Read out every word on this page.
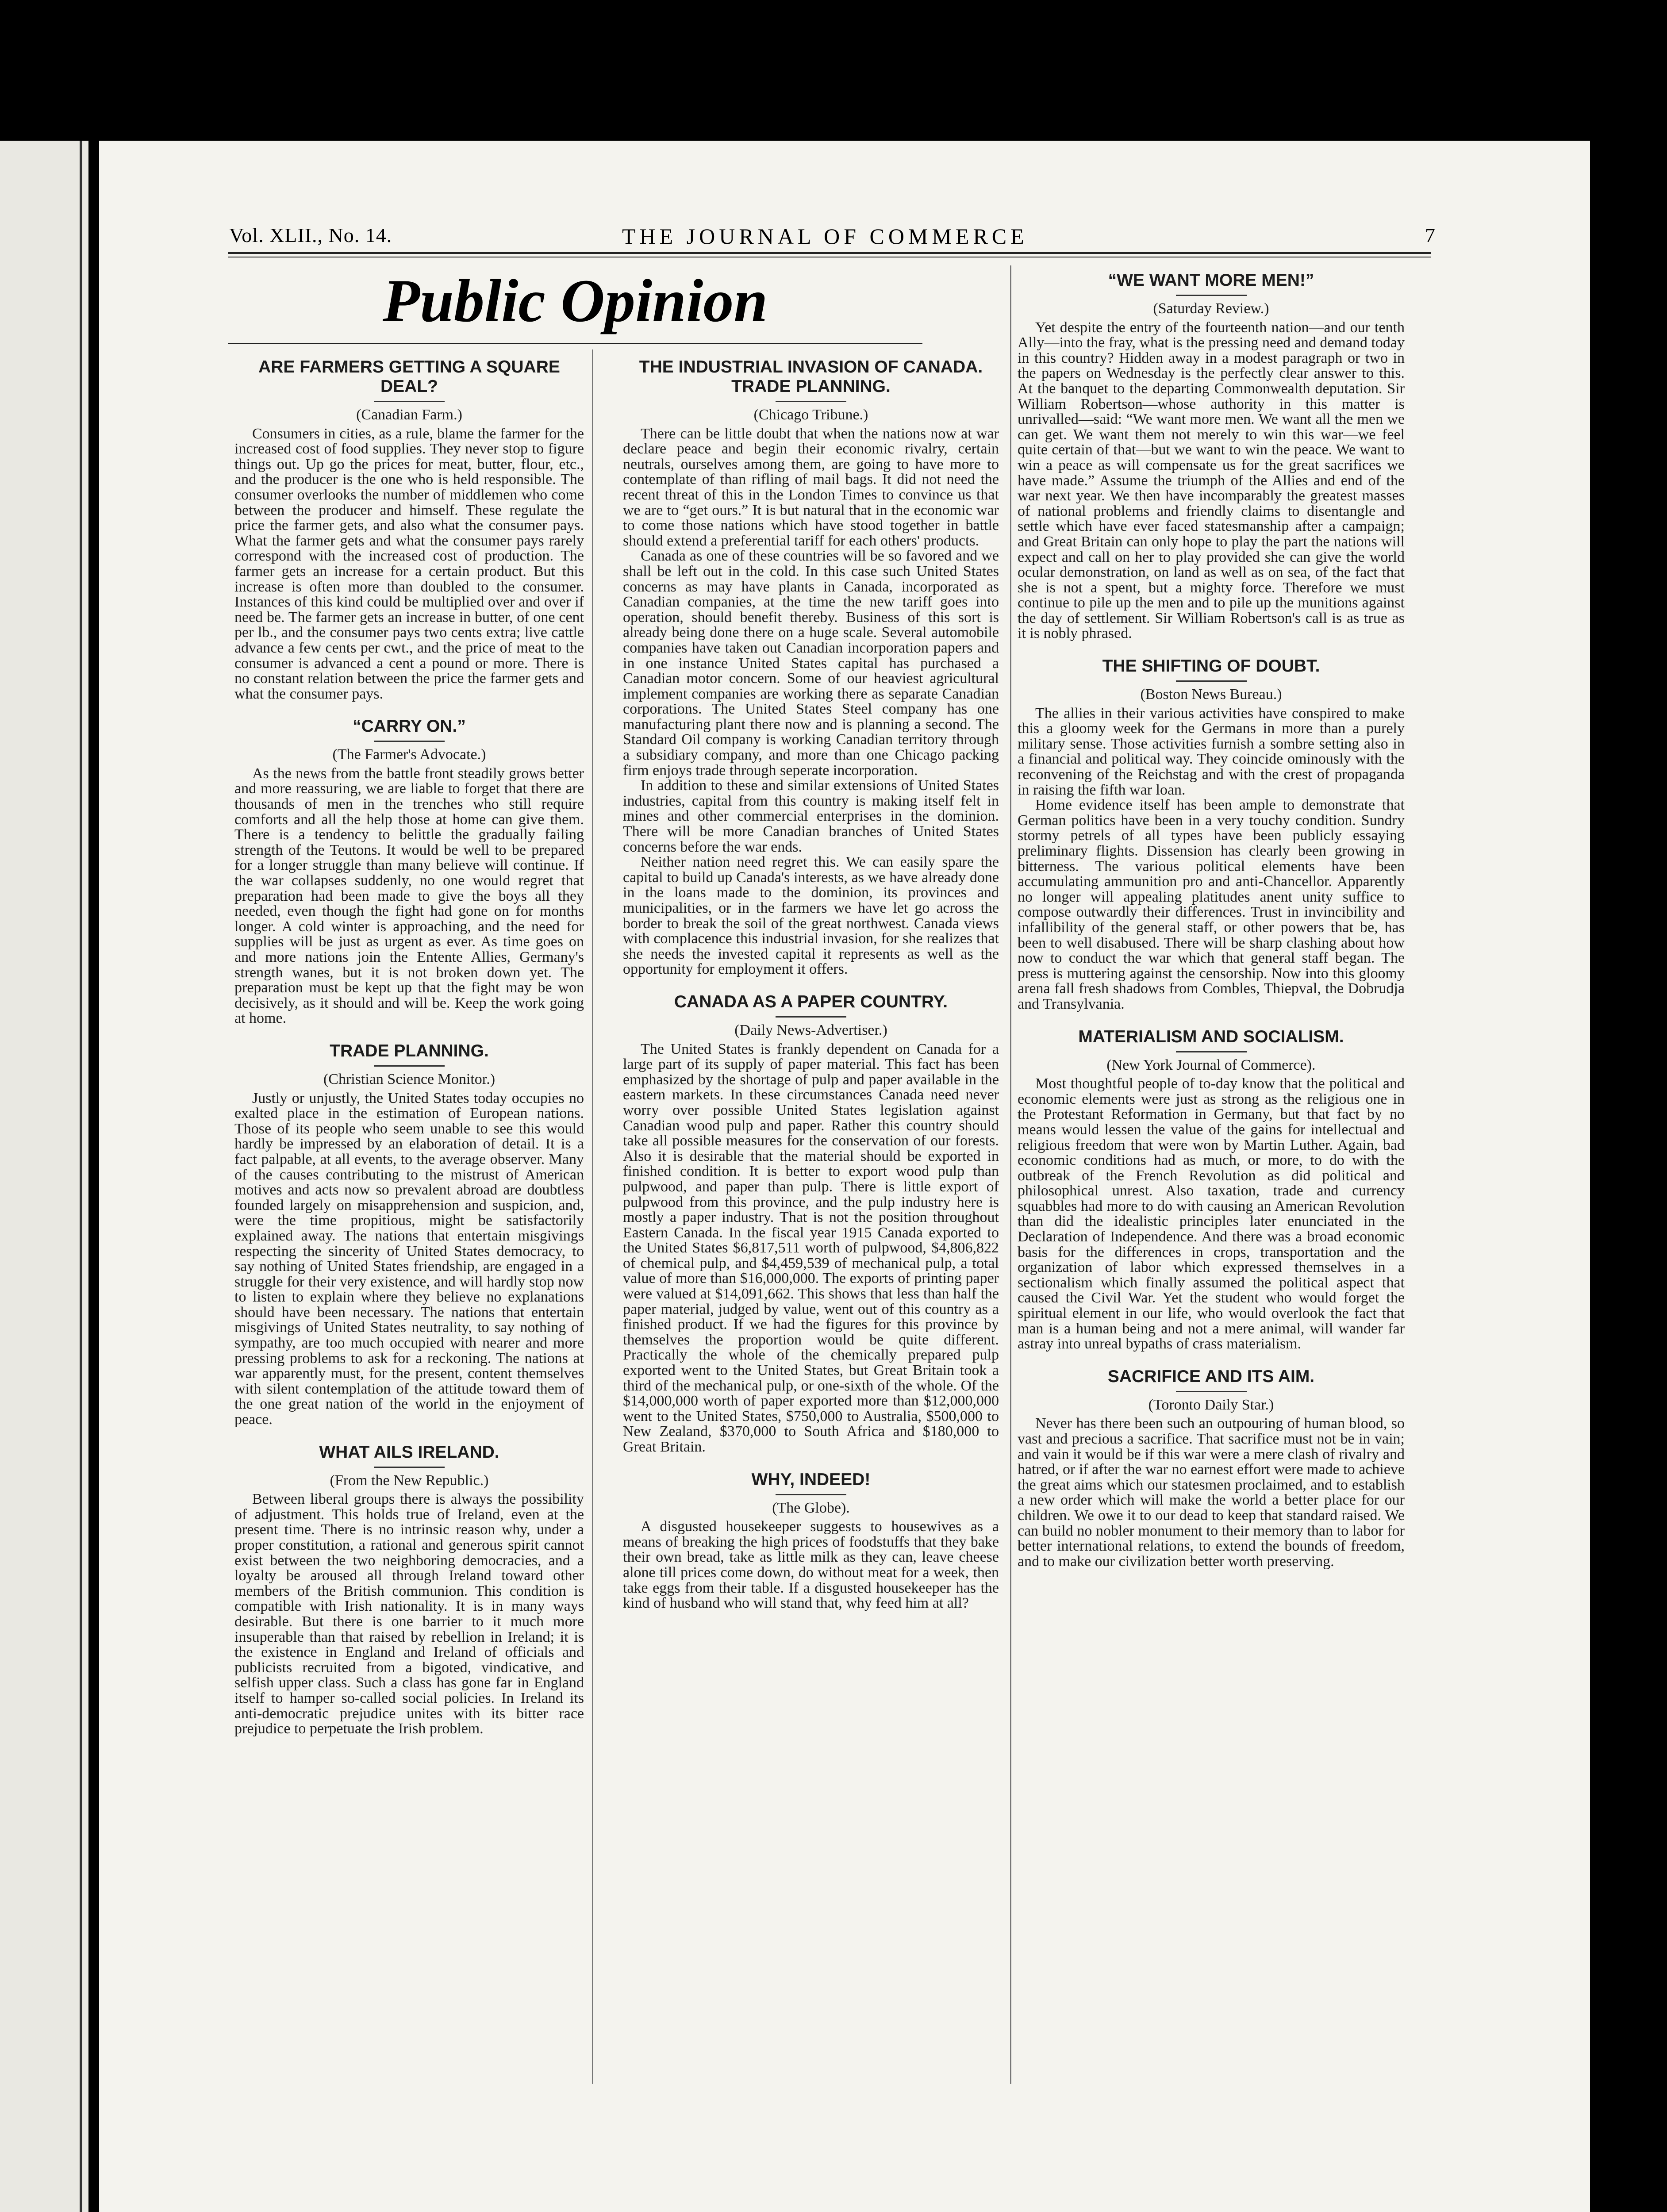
Vol. XLII., No. 14.	THE JOURNAL OF COMMERCE	7
Public Opinion
ARE FARMERS GETTING A SQUARE DEAL?
(Canadian Farm.)

Consumers in cities, as a rule, blame the farmer for the increased cost of food supplies. They never stop to figure things out. Up go the prices for meat, butter, flour, etc., and the producer is the one who is held responsible. The consumer overlooks the number of middlemen who come between the producer and himself. These regulate the price the farmer gets, and also what the consumer pays. What the farmer gets and what the consumer pays rarely correspond with the increased cost of production. The farmer gets an increase for a certain product. But this increase is often more than doubled to the consumer. Instances of this kind could be multiplied over and over if need be. The farmer gets an increase in butter, of one cent per lb., and the consumer pays two cents extra; live cattle advance a few cents per cwt., and the price of meat to the consumer is advanced a cent a pound or more. There is no constant relation between the price the farmer gets and what the consumer pays.

“CARRY ON.”
(The Farmer's Advocate.)

As the news from the battle front steadily grows better and more reassuring, we are liable to forget that there are thousands of men in the trenches who still require comforts and all the help those at home can give them. There is a tendency to belittle the gradually failing strength of the Teutons. It would be well to be prepared for a longer struggle than many believe will continue. If the war collapses suddenly, no one would regret that preparation had been made to give the boys all they needed, even though the fight had gone on for months longer. A cold winter is approaching, and the need for supplies will be just as urgent as ever. As time goes on and more nations join the Entente Allies, Germany's strength wanes, but it is not broken down yet. The preparation must be kept up that the fight may be won decisively, as it should and will be. Keep the work going at home.

TRADE PLANNING.
(Christian Science Monitor.)

Justly or unjustly, the United States today occupies no exalted place in the estimation of European nations. Those of its people who seem unable to see this would hardly be impressed by an elaboration of detail. It is a fact palpable, at all events, to the average observer. Many of the causes contributing to the mistrust of American motives and acts now so prevalent abroad are doubtless founded largely on misapprehension and suspicion, and, were the time propitious, might be satisfactorily explained away. The nations that entertain misgivings respecting the sincerity of United States democracy, to say nothing of United States friendship, are engaged in a struggle for their very existence, and will hardly stop now to listen to explain where they believe no explanations should have been necessary. The nations that entertain misgivings of United States neutrality, to say nothing of sympathy, are too much occupied with nearer and more pressing problems to ask for a reckoning. The nations at war apparently must, for the present, content themselves with silent contemplation of the attitude toward them of the one great nation of the world in the enjoyment of peace.

WHAT AILS IRELAND.
(From the New Republic.)

Between liberal groups there is always the possibility of adjustment. This holds true of Ireland, even at the present time. There is no intrinsic reason why, under a proper constitution, a rational and generous spirit cannot exist between the two neighboring democracies, and a loyalty be aroused all through Ireland toward other members of the British communion. This condition is compatible with Irish nationality. It is in many ways desirable. But there is one barrier to it much more insuperable than that raised by rebellion in Ireland; it is the existence in England and Ireland of officials and publicists recruited from a bigoted, vindicative, and selfish upper class. Such a class has gone far in England itself to hamper so-called social policies. In Ireland its anti-democratic prejudice unites with its bitter race prejudice to perpetuate the Irish problem.

THE INDUSTRIAL INVASION OF CANADA. TRADE PLANNING.
(Chicago Tribune.)

There can be little doubt that when the nations now at war declare peace and begin their economic rivalry, certain neutrals, ourselves among them, are going to have more to contemplate of than rifling of mail bags. It did not need the recent threat of this in the London Times to convince us that we are to “get ours.” It is but natural that in the economic war to come those nations which have stood together in battle should extend a preferential tariff for each others' products.

Canada as one of these countries will be so favored and we shall be left out in the cold. In this case such United States concerns as may have plants in Canada, incorporated as Canadian companies, at the time the new tariff goes into operation, should benefit thereby. Business of this sort is already being done there on a huge scale. Several automobile companies have taken out Canadian incorporation papers and in one instance United States capital has purchased a Canadian motor concern. Some of our heaviest agricultural implement companies are working there as separate Canadian corporations. The United States Steel company has one manufacturing plant there now and is planning a second. The Standard Oil company is working Canadian territory through a subsidiary company, and more than one Chicago packing firm enjoys trade through seperate incorporation.

In addition to these and similar extensions of United States industries, capital from this country is making itself felt in mines and other commercial enterprises in the dominion. There will be more Canadian branches of United States concerns before the war ends.

Neither nation need regret this. We can easily spare the capital to build up Canada's interests, as we have already done in the loans made to the dominion, its provinces and municipalities, or in the farmers we have let go across the border to break the soil of the great northwest. Canada views with complacence this industrial invasion, for she realizes that she needs the invested capital it represents as well as the opportunity for employment it offers.

CANADA AS A PAPER COUNTRY.
(Daily News-Advertiser.)

The United States is frankly dependent on Canada for a large part of its supply of paper material. This fact has been emphasized by the shortage of pulp and paper available in the eastern markets. In these circumstances Canada need never worry over possible United States legislation against Canadian wood pulp and paper. Rather this country should take all possible measures for the conservation of our forests. Also it is desirable that the material should be exported in finished condition. It is better to export wood pulp than pulpwood, and paper than pulp. There is little export of pulpwood from this province, and the pulp industry here is mostly a paper industry. That is not the position throughout Eastern Canada. In the fiscal year 1915 Canada exported to the United States $6,817,511 worth of pulpwood, $4,806,822 of chemical pulp, and $4,459,539 of mechanical pulp, a total value of more than $16,000,000. The exports of printing paper were valued at $14,091,662. This shows that less than half the paper material, judged by value, went out of this country as a finished product. If we had the figures for this province by themselves the proportion would be quite different. Practically the whole of the chemically prepared pulp exported went to the United States, but Great Britain took a third of the mechanical pulp, or one-sixth of the whole. Of the $14,000,000 worth of paper exported more than $12,000,000 went to the United States, $750,000 to Australia, $500,000 to New Zealand, $370,000 to South Africa and $180,000 to Great Britain.

WHY, INDEED!
(The Globe).

A disgusted housekeeper suggests to housewives as a means of breaking the high prices of foodstuffs that they bake their own bread, take as little milk as they can, leave cheese alone till prices come down, do without meat for a week, then take eggs from their table. If a disgusted housekeeper has the kind of husband who will stand that, why feed him at all?

“WE WANT MORE MEN!”
(Saturday Review.)

Yet despite the entry of the fourteenth nation—and our tenth Ally—into the fray, what is the pressing need and demand today in this country? Hidden away in a modest paragraph or two in the papers on Wednesday is the perfectly clear answer to this. At the banquet to the departing Commonwealth deputation. Sir William Robertson—whose authority in this matter is unrivalled—said: “We want more men. We want all the men we can get. We want them not merely to win this war—we feel quite certain of that—but we want to win the peace. We want to win a peace as will compensate us for the great sacrifices we have made.” Assume the triumph of the Allies and end of the war next year. We then have incomparably the greatest masses of national problems and friendly claims to disentangle and settle which have ever faced statesmanship after a campaign; and Great Britain can only hope to play the part the nations will expect and call on her to play provided she can give the world ocular demonstration, on land as well as on sea, of the fact that she is not a spent, but a mighty force. Therefore we must continue to pile up the men and to pile up the munitions against the day of settlement. Sir William Robertson's call is as true as it is nobly phrased.

THE SHIFTING OF DOUBT.
(Boston News Bureau.)

The allies in their various activities have conspired to make this a gloomy week for the Germans in more than a purely military sense. Those activities furnish a sombre setting also in a financial and political way. They coincide ominously with the reconvening of the Reichstag and with the crest of propaganda in raising the fifth war loan.

Home evidence itself has been ample to demonstrate that German politics have been in a very touchy condition. Sundry stormy petrels of all types have been publicly essaying preliminary flights. Dissension has clearly been growing in bitterness. The various political elements have been accumulating ammunition pro and anti-Chancellor. Apparently no longer will appealing platitudes anent unity suffice to compose outwardly their differences. Trust in invincibility and infallibility of the general staff, or other powers that be, has been to well disabused. There will be sharp clashing about how now to conduct the war which that general staff began. The press is muttering against the censorship. Now into this gloomy arena fall fresh shadows from Combles, Thiepval, the Dobrudja and Transylvania.

MATERIALISM AND SOCIALISM.
(New York Journal of Commerce).

Most thoughtful people of to-day know that the political and economic elements were just as strong as the religious one in the Protestant Reformation in Germany, but that fact by no means would lessen the value of the gains for intellectual and religious freedom that were won by Martin Luther. Again, bad economic conditions had as much, or more, to do with the outbreak of the French Revolution as did political and philosophical unrest. Also taxation, trade and currency squabbles had more to do with causing an American Revolution than did the idealistic principles later enunciated in the Declaration of Independence. And there was a broad economic basis for the differences in crops, transportation and the organization of labor which expressed themselves in a sectionalism which finally assumed the political aspect that caused the Civil War. Yet the student who would forget the spiritual element in our life, who would overlook the fact that man is a human being and not a mere animal, will wander far astray into unreal bypaths of crass materialism.

SACRIFICE AND ITS AIM.
(Toronto Daily Star.)

Never has there been such an outpouring of human blood, so vast and precious a sacrifice. That sacrifice must not be in vain; and vain it would be if this war were a mere clash of rivalry and hatred, or if after the war no earnest effort were made to achieve the great aims which our statesmen proclaimed, and to establish a new order which will make the world a better place for our children. We owe it to our dead to keep that standard raised. We can build no nobler monument to their memory than to labor for better international relations, to extend the bounds of freedom, and to make our civilization better worth preserving.
